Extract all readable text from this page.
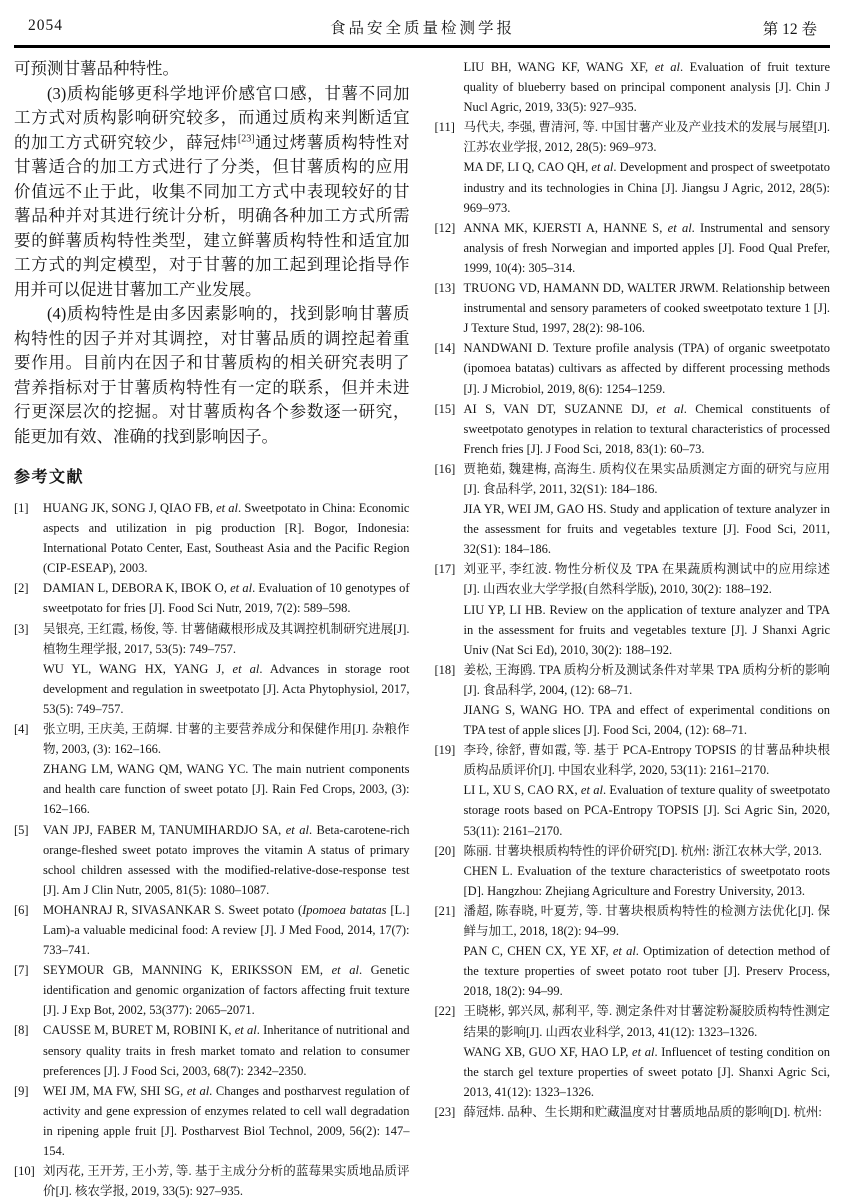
2054	食品安全质量检测学报	第 12 卷

可预测甘薯品种特性。

(3)质构能够更科学地评价感官口感，甘薯不同加工方式对质构影响研究较多，而通过质构来判断适宜的加工方式研究较少，薛冠炜[23]通过烤薯质构特性对甘薯适合的加工方式进行了分类，但甘薯质构的应用价值远不止于此，收集不同加工方式中表现较好的甘薯品种并对其进行统计分析，明确各种加工方式所需要的鲜薯质构特性类型，建立鲜薯质构特性和适宜加工方式的判定模型，对于甘薯的加工起到理论指导作用并可以促进甘薯加工产业发展。

(4)质构特性是由多因素影响的，找到影响甘薯质构特性的因子并对其调控，对甘薯品质的调控起着重要作用。目前内在因子和甘薯质构的相关研究表明了营养指标对于甘薯质构特性有一定的联系，但并未进行更深层次的挖掘。对甘薯质构各个参数逐一研究，能更加有效、准确的找到影响因子。

参考文献
[1]	HUANG JK, SONG J, QIAO FB, et al. Sweetpotato in China: Economic aspects and utilization in pig production [R]. Bogor, Indonesia: International Potato Center, East, Southeast Asia and the Pacific Region (CIP-ESEAP), 2003.
[2]	DAMIAN L, DEBORA K, IBOK O, et al. Evaluation of 10 genotypes of sweetpotato for fries [J]. Food Sci Nutr, 2019, 7(2): 589–598.
[3]	吴银亮, 王红霞, 杨俊, 等. 甘薯储藏根形成及其调控机制研究进展[J]. 植物生理学报, 2017, 53(5): 749–757.
WU YL, WANG HX, YANG J, et al. Advances in storage root development and regulation in sweetpotato [J]. Acta Phytophysiol, 2017, 53(5): 749–757.
[4]	张立明, 王庆美, 王荫墀. 甘薯的主要营养成分和保健作用[J]. 杂粮作物, 2003, (3): 162–166.
ZHANG LM, WANG QM, WANG YC. The main nutrient components and health care function of sweet potato [J]. Rain Fed Crops, 2003, (3): 162–166.
[5]	VAN JPJ, FABER M, TANUMIHARDJO SA, et al. Beta-carotene-rich orange-fleshed sweet potato improves the vitamin A status of primary school children assessed with the modified-relative-dose-response test [J]. Am J Clin Nutr, 2005, 81(5): 1080–1087.
[6]	MOHANRAJ R, SIVASANKAR S. Sweet potato (Ipomoea batatas [L.] Lam)-a valuable medicinal food: A review [J]. J Med Food, 2014, 17(7): 733–741.
[7]	SEYMOUR GB, MANNING K, ERIKSSON EM, et al. Genetic identification and genomic organization of factors affecting fruit texture [J]. J Exp Bot, 2002, 53(377): 2065–2071.
[8]	CAUSSE M, BURET M, ROBINI K, et al. Inheritance of nutritional and sensory quality traits in fresh market tomato and relation to consumer preferences [J]. J Food Sci, 2003, 68(7): 2342–2350.
[9]	WEI JM, MA FW, SHI SG, et al. Changes and postharvest regulation of activity and gene expression of enzymes related to cell wall degradation in ripening apple fruit [J]. Postharvest Biol Technol, 2009, 56(2): 147–154.
[10] 刘丙花, 王开芳, 王小芳, 等. 基于主成分分析的蓝莓果实质地品质评价[J]. 核农学报, 2019, 33(5): 927–935.
LIU BH, WANG KF, WANG XF, et al. Evaluation of fruit texture quality of blueberry based on principal component analysis [J]. Chin J Nucl Agric, 2019, 33(5): 927–935.
[11] 马代夫, 李强, 曹清河, 等. 中国甘薯产业及产业技术的发展与展望[J]. 江苏农业学报, 2012, 28(5): 969–973.
MA DF, LI Q, CAO QH, et al. Development and prospect of sweetpotato industry and its technologies in China [J]. Jiangsu J Agric, 2012, 28(5): 969–973.
[12] ANNA MK, KJERSTI A, HANNE S, et al. Instrumental and sensory analysis of fresh Norwegian and imported apples [J]. Food Qual Prefer, 1999, 10(4): 305–314.
[13] TRUONG VD, HAMANN DD, WALTER JRWM. Relationship between instrumental and sensory parameters of cooked sweetpotato texture 1 [J]. J Texture Stud, 1997, 28(2): 98-106.
[14] NANDWANI D. Texture profile analysis (TPA) of organic sweetpotato (ipomoea batatas) cultivars as affected by different processing methods [J]. J Microbiol, 2019, 8(6): 1254–1259.
[15] AI S, VAN DT, SUZANNE DJ, et al. Chemical constituents of sweetpotato genotypes in relation to textural characteristics of processed French fries [J]. J Food Sci, 2018, 83(1): 60–73.
[16] 贾艳茹, 魏建梅, 高海生. 质构仪在果实品质测定方面的研究与应用[J]. 食品科学, 2011, 32(S1): 184–186.
JIA YR, WEI JM, GAO HS. Study and application of texture analyzer in the assessment for fruits and vegetables texture [J]. Food Sci, 2011, 32(S1): 184–186.
[17] 刘亚平, 李红波. 物性分析仪及 TPA 在果蔬质构测试中的应用综述[J]. 山西农业大学学报(自然科学版), 2010, 30(2): 188–192.
LIU YP, LI HB. Review on the application of texture analyzer and TPA in the assessment for fruits and vegetables texture [J]. J Shanxi Agric Univ (Nat Sci Ed), 2010, 30(2): 188–192.
[18] 姜松, 王海鸥. TPA 质构分析及测试条件对苹果 TPA 质构分析的影响[J]. 食品科学, 2004, (12): 68–71.
JIANG S, WANG HO. TPA and effect of experimental conditions on TPA test of apple slices [J]. Food Sci, 2004, (12): 68–71.
[19] 李玲, 徐舒, 曹如霞, 等. 基于 PCA-Entropy TOPSIS 的甘薯品种块根质构品质评价[J]. 中国农业科学, 2020, 53(11): 2161–2170.
LI L, XU S, CAO RX, et al. Evaluation of texture quality of sweetpotato storage roots based on PCA-Entropy TOPSIS [J]. Sci Agric Sin, 2020, 53(11): 2161–2170.
[20] 陈丽. 甘薯块根质构特性的评价研究[D]. 杭州: 浙江农林大学, 2013.
CHEN L. Evaluation of the texture characteristics of sweetpotato roots [D]. Hangzhou: Zhejiang Agriculture and Forestry University, 2013.
[21] 潘超, 陈春晓, 叶夏芳, 等. 甘薯块根质构特性的检测方法优化[J]. 保鲜与加工, 2018, 18(2): 94–99.
PAN C, CHEN CX, YE XF, et al. Optimization of detection method of the texture properties of sweet potato root tuber [J]. Preserv Process, 2018, 18(2): 94–99.
[22] 王晓彬, 郭兴凤, 郝利平, 等. 测定条件对甘薯淀粉凝胶质构特性测定结果的影响[J]. 山西农业科学, 2013, 41(12): 1323–1326.
WANG XB, GUO XF, HAO LP, et al. Influencet of testing condition on the starch gel texture properties of sweet potato [J]. Shanxi Agric Sci, 2013, 41(12): 1323–1326.
[23] 薛冠炜. 品种、生长期和贮藏温度对甘薯质地品质的影响[D]. 杭州:
